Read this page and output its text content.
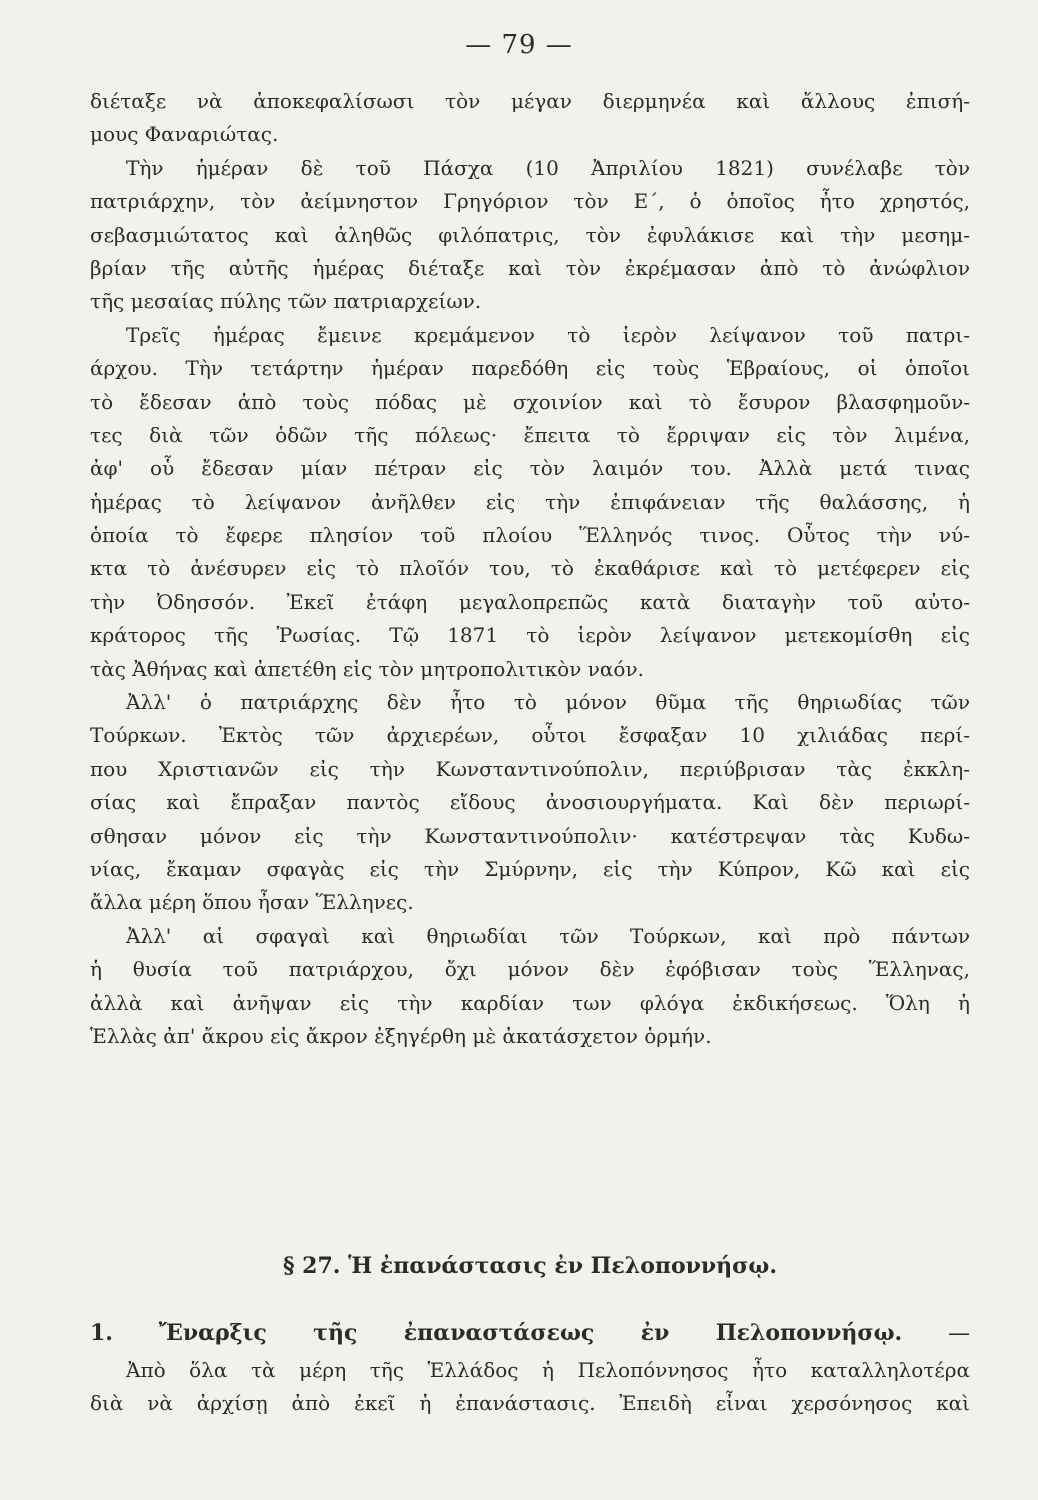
— 79 —
διέταξε νὰ ἀποκεφαλίσωσι τὸν μέγαν διερμηνέα καὶ ἄλλους ἐπισή-
μους Φαναριώτας.
Τὴν ἡμέραν δὲ τοῦ Πάσχα (10 Ἀπριλίου 1821) συνέλαβε τὸν
πατριάρχην, τὸν ἀείμνηστον Γρηγόριον τὸν Ε΄, ὁ ὁποῖος ἦτο χρηστός,
σεβασμιώτατος καὶ ἀληθῶς φιλόπατρις, τὸν ἐφυλάκισε καὶ τὴν μεσημ-
βρίαν τῆς αὐτῆς ἡμέρας διέταξε καὶ τὸν ἐκρέμασαν ἀπὸ τὸ ἀνώφλιον
τῆς μεσαίας πύλης τῶν πατριαρχείων.
Τρεῖς ἡμέρας ἔμεινε κρεμάμενον τὸ ἱερὸν λείψανον τοῦ πατρι-
άρχου. Τὴν τετάρτην ἡμέραν παρεδόθη εἰς τοὺς Ἑβραίους, οἱ ὁποῖοι
τὸ ἔδεσαν ἀπὸ τοὺς πόδας μὲ σχοινίον καὶ τὸ ἔσυρον βλασφημοῦν-
τες διὰ τῶν ὁδῶν τῆς πόλεως· ἔπειτα τὸ ἔρριψαν εἰς τὸν λιμένα,
ἀφ' οὗ ἔδεσαν μίαν πέτραν εἰς τὸν λαιμόν του. Ἀλλὰ μετά τινας
ἡμέρας τὸ λείψανον ἀνῆλθεν εἰς τὴν ἐπιφάνειαν τῆς θαλάσσης, ἡ
ὁποία τὸ ἔφερε πλησίον τοῦ πλοίου Ἕλληνός τινος. Οὗτος τὴν νύ-
κτα τὸ ἀνέσυρεν εἰς τὸ πλοῖόν του, τὸ ἐκαθάρισε καὶ τὸ μετέφερεν εἰς
τὴν Ὀδησσόν. Ἐκεῖ ἐτάφη μεγαλοπρεπῶς κατὰ διαταγὴν τοῦ αὐτο-
κράτορος τῆς Ῥωσίας. Τῷ 1871 τὸ ἱερὸν λείψανον μετεκομίσθη εἰς
τὰς Ἀθήνας καὶ ἀπετέθη εἰς τὸν μητροπολιτικὸν ναόν.
Ἀλλ' ὁ πατριάρχης δὲν ἦτο τὸ μόνον θῦμα τῆς θηριωδίας τῶν
Τούρκων. Ἐκτὸς τῶν ἀρχιερέων, οὗτοι ἔσφαξαν 10 χιλιάδας περί-
που Χριστιανῶν εἰς τὴν Κωνσταντινούπολιν, περιύβρισαν τὰς ἐκκλη-
σίας καὶ ἔπραξαν παντὸς εἴδους ἀνοσιουργήματα. Καὶ δὲν περιωρί-
σθησαν μόνον εἰς τὴν Κωνσταντινούπολιν· κατέστρεψαν τὰς Κυδω-
νίας, ἔκαμαν σφαγὰς εἰς τὴν Σμύρνην, εἰς τὴν Κύπρον, Κῶ καὶ εἰς
ἄλλα μέρη ὅπου ἦσαν Ἕλληνες.
Ἀλλ' αἱ σφαγαὶ καὶ θηριωδίαι τῶν Τούρκων, καὶ πρὸ πάντων
ἡ θυσία τοῦ πατριάρχου, ὄχι μόνον δὲν ἐφόβισαν τοὺς Ἕλληνας,
ἀλλὰ καὶ ἀνῆψαν εἰς τὴν καρδίαν των φλόγα ἐκδικήσεως. Ὅλη ἡ
Ἑλλὰς ἀπ' ἄκρου εἰς ἄκρον ἐξηγέρθη μὲ ἀκατάσχετον ὁρμήν.
§ 27. Ἡ ἐπανάστασις ἐν Πελοποννήσῳ.
1. Ἔναρξις τῆς ἐπαναστάσεως ἐν Πελοποννήσῳ. —
Ἀπὸ ὅλα τὰ μέρη τῆς Ἑλλάδος ἡ Πελοπόννησος ἦτο καταλληλοτέρα
διὰ νὰ ἀρχίσῃ ἀπὸ ἐκεῖ ἡ ἐπανάστασις. Ἐπειδὴ εἶναι χερσόνησος καὶ
